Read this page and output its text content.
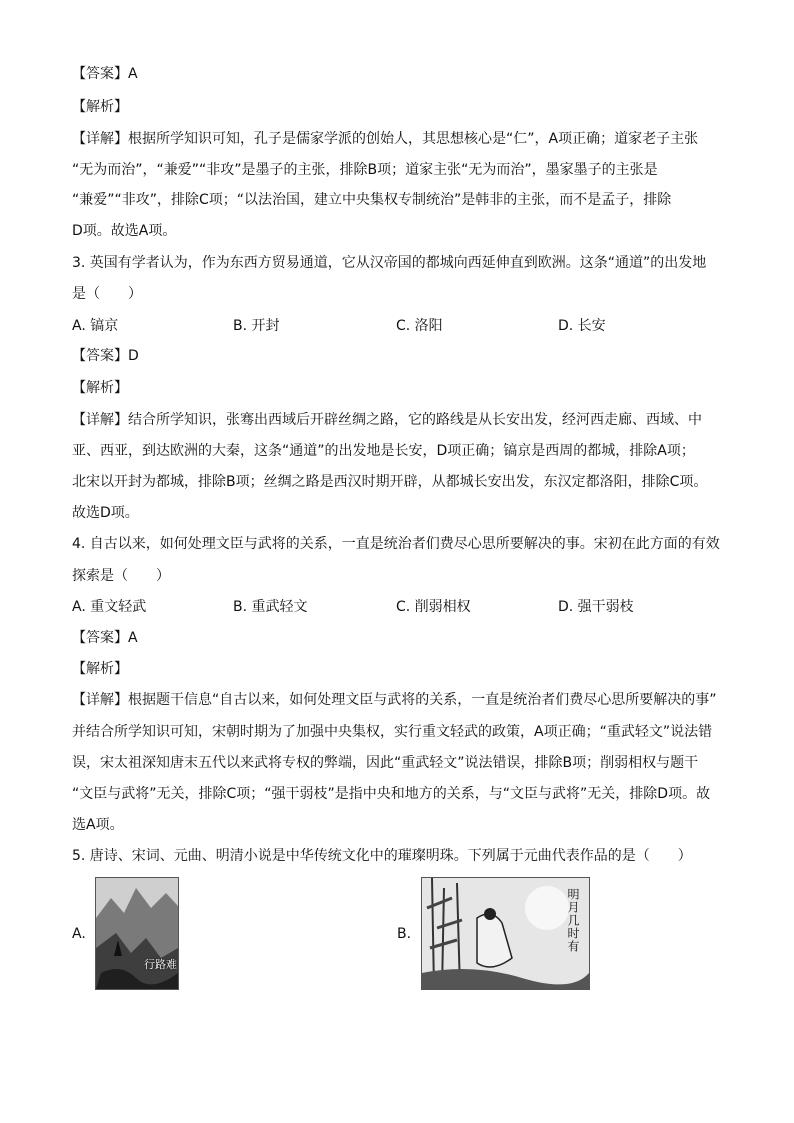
【答案】A
【解析】
【详解】根据所学知识可知，孔子是儒家学派的创始人，其思想核心是“仁”，A项正确；道家老子主张
“无为而治”，“兼爱”“非攻”是墨子的主张，排除B项；道家主张“无为而治”，墨家墨子的主张是
“兼爱”“非攻”，排除C项；“以法治国，建立中央集权专制统治”是韩非的主张，而不是孟子，排除
D项。故选A项。
3. 英国有学者认为，作为东西方贸易通道，它从汉帝国的都城向西延伸直到欧洲。这条“通道”的出发地
是（　　）
A. 镐京	B. 开封	C. 洛阳	D. 长安
【答案】D
【解析】
【详解】结合所学知识，张骞出西域后开辟丝绸之路，它的路线是从长安出发，经河西走廊、西域、中
亚、西亚，到达欧洲的大秦，这条“通道”的出发地是长安，D项正确；镐京是西周的都城，排除A项；
北宋以开封为都城，排除B项；丝绸之路是西汉时期开辟，从都城长安出发，东汉定都洛阳，排除C项。
故选D项。
4. 自古以来，如何处理文臣与武将的关系，一直是统治者们费尽心思所要解决的事。宋初在此方面的有效
探索是（　　）
A. 重文轻武	B. 重武轻文	C. 削弱相权	D. 强干弱枝
【答案】A
【解析】
【详解】根据题干信息“自古以来，如何处理文臣与武将的关系，一直是统治者们费尽心思所要解决的事”
并结合所学知识可知，宋朝时期为了加强中央集权，实行重文轻武的政策，A项正确；“重武轻文”说法错
误，宋太祖深知唐末五代以来武将专权的弊端，因此“重武轻文”说法错误，排除B项；削弱相权与题干
“文臣与武将”无关，排除C项；“强干弱枝”是指中央和地方的关系，与“文臣与武将”无关，排除D项。故
选A项。
5. 唐诗、宋词、元曲、明清小说是中华传统文化中的璀璨明珠。下列属于元曲代表作品的是（　　）
A.
行路难
B.	明月几时有
